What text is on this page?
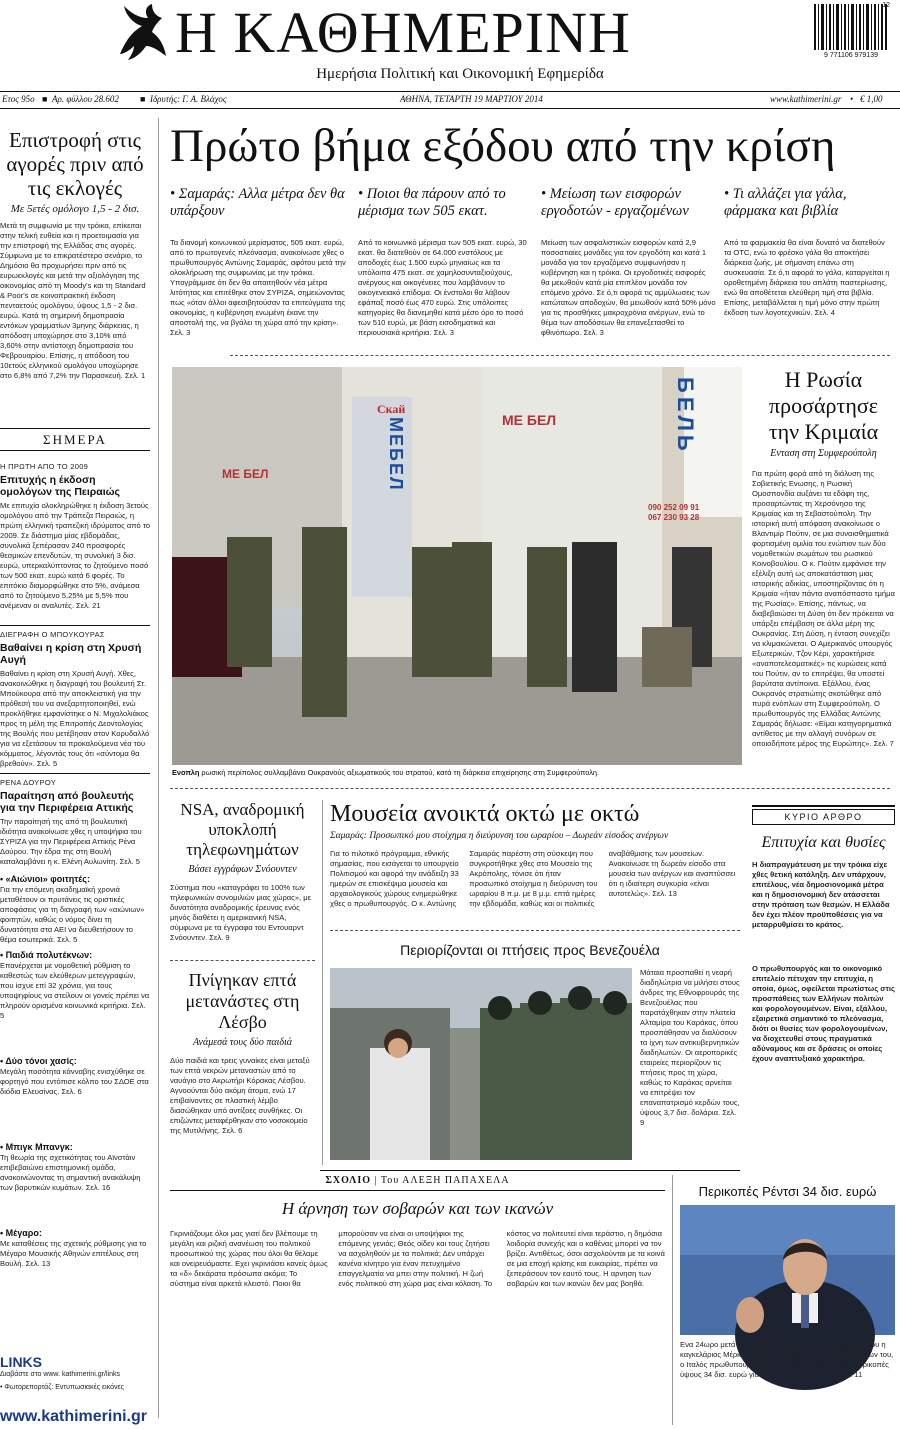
Η ΚΑΘΗΜΕΡΙΝΗ
Ημερήσια Πολιτική και Οικονομική Εφημερίδα
9 771106 979139
12
Ετος 95ο ■ Αρ. φύλλου 28.602 ■ Ιδρυτής: Γ. Α. Βλάχος	ΑΘΗΝΑ, ΤΕΤΑΡΤΗ 19 ΜΑΡΤΙΟΥ 2014	www.kathimerini.gr • € 1,00
Επιστροφή στις αγορές πριν από τις εκλογές
Με 5ετές ομόλογο 1,5 - 2 δισ.
Μετά τη συμφωνία με την τρόικα, επίκειται στην τελική ευθεία και η προετοιμασία για την επιστροφή της Ελλάδας στις αγορές. Σύμφωνα με το επικρατέστερο σενάριο, το Δημόσιο θα προχωρήσει πριν από τις ευρωεκλογές και μετά την αξιολόγηση της οικονομίας από τη Moody's και τη Standard & Poor's σε κοινοπρακτική έκδοση πενταετούς ομολόγου, ύψους 1,5 - 2 δισ. ευρώ. Κατά τη σημερινή δημοπρασία εντόκων γραμματίων 3μηνης διάρκειας, η απόδοση υποχώρησε στο 3,10% από 3,60% στην αντίστοιχη δημοπρασία του Φεβρουαρίου. Επίσης, η απόδοση του 10ετούς ελληνικού ομολόγου υποχώρησε στο 6,8% από 7,2% την Παρασκευή. Σελ. 1
ΣΗΜΕΡΑ
Η ΠΡΩΤΗ ΑΠΟ ΤΟ 2009
Επιτυχής η έκδοση ομολόγων της Πειραιώς
Με επιτυχία ολοκληρώθηκε η έκδοση 3ετούς ομολόγου από την Τράπεζα Πειραιώς, η πρώτη ελληνική τραπεζική ιδρύματος από το 2009. Σε διάστημα μίας εβδομάδας, συνολικά ξεπέρασαν 240 προσφορές θεσμικών επενδυτών, τη συνολική 3 δισ. ευρώ, υπερκαλύπτοντας το ζητούμενο ποσό των 500 εκατ. ευρώ κατά 6 φορές. Το επιτόκιο διαμορφώθηκε στο 5%, ανάμεσα από το ζητούμενο 5,25% με 5,5% που ανέμεναν οι αναλυτές. Σελ. 21
ΔΙΕΓΡΑΦΗ Ο ΜΠΟΥΚΟΥΡΑΣ
Βαθαίνει η κρίση στη Χρυσή Αυγή
Βαθαίνει η κρίση στη Χρυσή Αυγή. Χθες, ανακοινώθηκε η διαγραφή του βουλευτή Στ. Μπούκουρα από την αποκλειστική για την πρόθεσή του να ανεξαρτητοποιηθεί, ενώ προκλήθηκε εμφανίστηκε ο Ν. Μιχαλολιάκος προς τη μέλη της Επιτροπής Δεοντολογίας της Βουλής που μετέβησαν στον Κορυδαλλό για να εξετάσουν τα προκαλούμενα νέα του κόμματος, λέγοντάς τους ότι «σύντομα θα βρεθούν». Σελ. 5
ΡΕΝΑ ΔΟΥΡΟΥ
Παραίτηση από βουλευτής για την Περιφέρεια Αττικής
Την παραίτησή της από τη βουλευτική ιδιότητα ανακοίνωσε χθες η υποψήφια του ΣΥΡΙΖΑ για την Περιφέρεια Αττικής Ρένα Δούρου. Την έδρα της στη Βουλή καταλαμβάνει η κ. Ελένη Αυλωνίτη. Σελ. 5
• «Αιώνιοι» φοιτητές:
Για την επόμενη ακαδημαϊκή χρονιά μεταθέτουν οι πρυτάνεις τις οριστικές αποφάσεις για τη διαγραφή των «αιώνιων» φοιτητών, καθώς ο νόμος δίνει τη δυνατότητα στα ΑΕΙ να διευθετήσουν το θέμα εσωτερικά. Σελ. 5
• Παιδιά πολυτέκνων:
Επανέρχεται με νομοθετική ρύθμιση το καθεστώς των ελεύθερων μετεγγραφών, που ίσχυε επί 32 χρόνια, για τους υποψηφίους να στείλουν οι γονείς πρέπει να πληρούν ορισμένα κοινωνικά κριτήρια. Σελ. 5
• Δύο τόνοι χασίς:
Μεγάλη ποσότητα κάνναβης ενισχύθηκε σε φορτηγό που εντόπισε κόλπο του ΣΔΟΕ στα διόδια Ελευσίνας. Σελ. 6
• Μπιγκ Μπανγκ:
Τη θεωρία της σχετικότητας του Αϊνστάιν επιβεβαιώνει επιστημονική ομάδα, ανακοινώνοντας τη σημαντική ανακάλυψη των βαρυτικών κυμάτων. Σελ. 16
• Μέγαρο:
Με καταθέσεις της σχετικής ρύθμισης για το Μέγαρο Μουσικής Αθηνών επιτέλους στη Βουλή. Σελ. 13
LINKS
Διαβάστε στο www. kathimerini.gr/links
• Φωτορεπορτάζ: Εντυπωσιακές εικόνες
www.kathimerini.gr
Πρώτο βήμα εξόδου από την κρίση
• Σαμαράς: Αλλα μέτρα δεν θα υπάρξουν
Τα διανομή κοινωνικού μερίσματος, 505 εκατ. ευρώ, από το πρωτογενές πλεόνασμα, ανακοίνωσε χθες ο πρωθυπουργός Αντώνης Σαμαράς, αφότου μετά την ολοκλήρωση της συμφωνίας με την τρόικα. Υπογράμμισε ότι δεν θα απαιτηθούν νέα μέτρα λιτότητας και επιτέθηκε στον ΣΥΡΙΖΑ, σημειώνοντας πως «όταν άλλοι αφεσιβητούσαν τα επιτεύγματα της οικονομίας, η κυβέρνηση ενωμένη έκανε την αποστολή της, να βγάλει τη χώρα από την κρίση». Σελ. 3
• Ποιοι θα πάρουν από το μέρισμα των 505 εκατ.
Από το κοινωνικό μέρισμα των 505 εκατ. ευρώ, 30 εκατ. θα διατεθούν σε 64.000 ενστόλους με αποδοχές έως 1.500 ευρώ μηνιαίως και τα υπόλοιπα 475 εκατ. σε χαμηλοσυνταξιούχους, ανέργους και οικογένειες που λαμβάνουν το οικογενειακό επίδομα. Οι ένστολοι θα λάβουν εφάπαξ ποσό έως 470 ευρώ. Στις υπόλοιπες κατηγορίες θα διανεμηθεί κατά μέσο όρο το ποσό των 510 ευρώ, με βάση εισοδηματικά και περιουσιακά κριτήρια. Σελ. 3
• Μείωση των εισφορών εργοδοτών - εργαζομένων
Μείωση των ασφαλιστικών εισφορών κατά 2,9 ποσοστιαίες μονάδες για τον εργοδότη και κατά 1 μονάδα για τον εργαζόμενο συμφωνήσαν η κυβέρνηση και η τρόικα. Οι εργοδοτικές εισφορές θα μειωθούν κατά μία επιπλέον μονάδα τον επόμενο χρόνο. Σε ό,τι αφορά τις αμμύλωσεις των κατώτατων αποδοχών, θα μειωθούν κατά 50% μόνο για τις προσθήκες μακροχρόνια ανέργων, ενώ το θέμα των αποδόσεων θα επανεξετασθεί το φθινόπωρο. Σελ. 3
• Τι αλλάζει για γάλα, φάρμακα και βιβλία
Από τα φαρμακεία θα είναι δυνατό να διατεθούν τα OTC, ενώ το φρέσκο γάλα θα αποκτήσει διάρκεια ζωής, με σήμανση επάνω στη συσκευασία. Σε ό,τι αφορά το γάλα, καταργείται η οροθετημένη διάρκεια του απλάτη παστερίωσης, ενώ θα αποθέτεται ελεύθερη τιμή στα βιβλία. Επίσης, μεταβάλλεται η τιμή μόνο στην πρώτη έκδοση των λογοτεχνικών. Σελ. 4
Скай
МЕБЕЛ	МЕ БЕЛ
МЕ БЕЛ
БЕЛЬ
090 252 09 91
067 230 93 28
ASSOCIATED PRESS
Ενοπλη ρωσική περίπολος συλλαμβάνει Ουκρανούς αξιωματικούς του στρατού, κατά τη διάρκεια επιχείρησης στη Συμφερούπολη.
Η Ρωσία προσάρτησε την Κριμαία
Ενταση στη Συμφερούπολη
Για πρώτη φορά από τη διάλυση της Σοβιετικής Ενωσης, η Ρωσική Ομοσπονδία αυξάνει τα εδάφη της, προσαρτώντας τη Χερσόνησο της Κριμαίας και τη Σεβαστούπολη. Την ιστορική αυτή απόφαση ανακοίνωσε ο Βλαντιμίρ Πούτιν, σε μια συναισθηματικά φορτισμένη ομιλία του ενώπιον των δύο νομοθετικών σωμάτων του ρωσικού Κοινοβουλίου. Ο κ. Πούτιν εμφάνισε την εξέλιξη αυτή ως αποκατάσταση μιας ιστορικής αδικίας, υποστηρίζοντας ότι η Κριμαία «ήταν πάντα αναπόσπαστο τμήμα της Ρωσίας». Επίσης, πάντως, να διαβεβαιώσει τη Δύση ότι δεν πρόκειται να υπάρξει επέμβαση σε άλλα μέρη της Ουκρανίας. Στη Δύση, η ένταση συνεχίζει να κλιμακώνεται. Ο Αμερικανός υπουργός Εξωτερικών, Τζον Κέρι, χαρακτήρισε «αναποτελεσματικές» τις κυρώσεις κατά του Πούτιν, αν το επιτρέψει, θα υποστεί βαρύτατα αντίποινα. Εξάλλου, ένας Ουκρανός στρατιώτης σκοτώθηκε από πυρά ενόπλων στη Συμφερούπολη. Ο πρωθυπουργός της Ελλάδας Αντώνης Σαμαράς δήλωσε: «Είμαι κατηγορηματικά αντίθετος με την αλλαγή συνόρων σε οποιοδήποτε μέρος της Ευρώπης». Σελ. 7
NSA, αναδρομική υποκλοπή τηλεφωνημάτων
Βάσει εγγράφων Σνόουντεν
Σύστημα που «καταγράφει το 100% των τηλεφωνικών συνομιλιών μιας χώρας», με δυνατότητα αναδρομικής έρευνας ενός μηνός διαθέτει η αμερικανική NSA, σύμφωνα με τα έγγραφα του Εντουαρντ Σνόουντεν. Σελ. 9
Πνίγηκαν επτά μετανάστες στη Λέσβο
Ανάμεσά τους δύο παιδιά
Δύο παιδιά και τρεις γυναίκες είναι μεταξύ των επτά νεκρών μεταναστών από το ναυάγιο στο Ακρωτήρι Κόρακας Λέσβου. Αγνοούνται δύο ακόμη άτομα, ενώ 17 επιβαίνοντες σε πλαστική λέμβο διασώθηκαν υπό αντίξοες συνθήκες. Οι επιζώντες μεταφέρθηκαν στο νοσοκομείο της Μυτιλήνης. Σελ. 6
Μουσεία ανοικτά οκτώ με οκτώ
Σαμαράς: Προσωπικό μου στοίχημα η διεύρυνση του ωραρίου – Δωρεάν είσοδος ανέργων
Για το πιλοτικό πρόγραμμα, εθνικής σημασίας, που εισάγεται το υπουργείο Πολιτισμού και αφορά την ανάδειξη 33 ημερών σε επισκέψιμα μουσεία και αρχαιολογικούς χώρους ενημερώθηκε χθες ο πρωθυπουργός. Ο κ. Αντώνης Σαμαράς παρέστη στη σύσκεψη που συγκροτήθηκε χθες στο Μουσείο της Ακρόπολης, τόνισε ότι ήταν προσωπικό στοίχημα η διεύρυνση του ωραρίου 8 π.μ. με 8 μ.μ. επτά ημέρες την εβδομάδα, καθώς και οι πολιτικές αναβάθμισης των μουσείων. Ανακοίνωσε τη δωρεάν είσοδο στα μουσεία των ανέργων και αναπτύσσει ότι η ιδιαίτερη συγκυρία «είναι αυτοτελώς». Σελ. 13
Περιορίζονται οι πτήσεις προς Βενεζουέλα
ASSOCIATED PRESS
Μάταια προσπαθεί η νεαρή διαδηλώτρια να μιλήσει στους άνδρες της Εθνοφρουράς της Βενεζουέλας που παρατάχθηκαν στην πλατεία Αλταμίρα του Καράκας, όπου προσπάθησαν να διαλύσουν τα ίχνη των αντικυβερνητικών διαδηλωτών. Οι αεροπορικές εταιρείες περιορίζουν τις πτήσεις προς τη χώρα, καθώς το Καράκας αρνείται να επιτρέψει τον επαναπατρισμό κερδών τους, ύψους 3,7 δισ. δολάρια. Σελ. 9
ΚΥΡΙΟ ΑΡΘΡΟ
Επιτυχία και θυσίες
Η διαπραγμάτευση με την τρόικα είχε χθες θετική κατάληξη. Δεν υπάρχουν, επιτέλους, νέα δημοσιονομικά μέτρα και η δημοσιονομική δεν ατάσσεται στην πρόταση των θεσμών. Η Ελλάδα δεν έχει πλέον προϋποθέσεις για να μεταρρυθμίσει το κράτος.
Ο πρωθυπουργός και το οικονομικό επιτελείο πέτυχαν την επιτυχία, η οποία, όμως, οφείλεται πρωτίστως στις προσπάθειες των Ελλήνων πολιτών και φορολογουμένων. Είναι, εξάλλου, εξαιρετικά σημαντικό το πλεόνασμα, διότι οι θυσίες των φορολογουμένων, να διοχετευθεί στους πραγματικά αδύναμους και σε δράσεις οι οποίες έχουν αναπτυξιακό χαρακτήρα.
ΣΧΟΛΙΟ | Του ΑΛΕΞΗ ΠΑΠΑΧΕΛΑ
Η άρνηση των σοβαρών και των ικανών
Γκρινιάζουμε όλοι μας γιατί δεν βλέπουμε τη μεγάλη και ριζική ανανέωση του πολιτικού προσωπικού της χώρας που όλοι θα θέλαμε και ονειρευόμαστε. Εχει γκρινιάσει κανείς όμως τα «δ» δεκάρατα πρόσωπα ακόμα; Το σύστημα είναι αρκετά κλειστό. Ποιοι θα μπορούσαν να είναι οι υποψήφιοι της επόμενης γενιάς; Θεός οίδεν και τους ζητήσει να ασχοληθούν με τα πολιτικά; Δεν υπάρχει κανένα κίνητρο για έναν πετυχημένο επαγγελματία να μπει στην πολιτική. Η ζωή ενός πολιτικού στη χώρα μας είναι κόλαση. Το κόστος να πολιτευτεί είναι τεράστιο, η δημόσια λοιδορία συνεχής και ο καθένας μπορεί να τον βρίζει. Αντιθέτως, όσοι ασχολούνται με τα κοινά σε μια εποχή κρίσης και ευκαιρίας, πρέπει να ξεπεράσουν τον εαυτό τους. Η αρνηση των σοβαρών και των ικανών δεν μας βοηθά.
Περικοπές Ρέντσι 34 δισ. ευρώ
ASSOCIATED PRESS
Ενα 24ωρο μετά την επιστροφή του από το Βερολίνο, όπου η καγκελάριος Μέρκελ εξήρε το πρόγραμμα μεταρρυθμίσεών του, ο Ιταλός πρωθυπουργός Ματέο Ρέντσι ανακοίνωσε περικοπές ύψους 34 δισ. ευρώ για την τριετία 2014-2016. Σελ. 11
